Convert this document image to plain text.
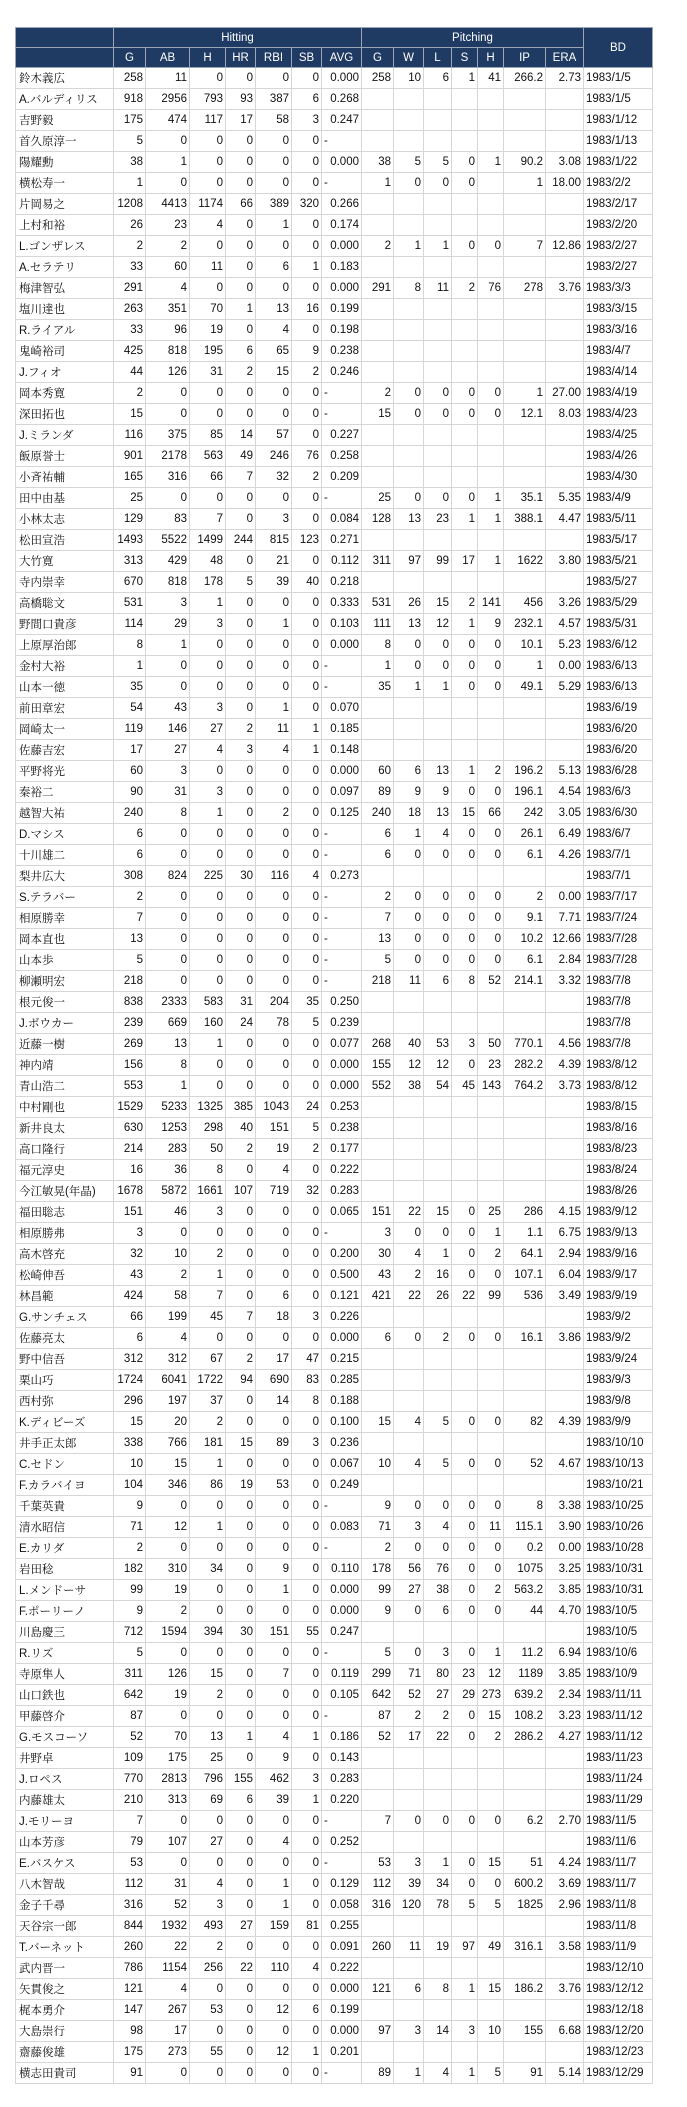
	Hitting							Pitching							BD
	G	AB	H	HR	RBI	SB	AVG	G	W	L	S	H	IP	ERA	
鈴木義広	258	11	0	0	0	0	0.000	258	10	6	1	41	266.2	2.73	1983/1/5
A.バルディリス	918	2956	793	93	387	6	0.268								1983/1/5
吉野毅	175	474	117	17	58	3	0.247								1983/1/12
首久原淳一	5	0	0	0	0	0	-								1983/1/13
陽耀勳	38	1	0	0	0	0	0.000	38	5	5	0	1	90.2	3.08	1983/1/22
横松寿一	1	0	0	0	0	0	-	1	0	0	0		1	18.00	1983/2/2
片岡易之	1208	4413	1174	66	389	320	0.266								1983/2/17
上村和裕	26	23	4	0	1	0	0.174								1983/2/20
L.ゴンザレス	2	2	0	0	0	0	0.000	2	1	1	0	0	7	12.86	1983/2/27
A.セラテリ	33	60	11	0	6	1	0.183								1983/2/27
梅津智弘	291	4	0	0	0	0	0.000	291	8	11	2	76	278	3.76	1983/3/3
塩川達也	263	351	70	1	13	16	0.199								1983/3/15
R.ライアル	33	96	19	0	4	0	0.198								1983/3/16
鬼崎裕司	425	818	195	6	65	9	0.238								1983/4/7
J.フィオ	44	126	31	2	15	2	0.246								1983/4/14
岡本秀寛	2	0	0	0	0	0	-	2	0	0	0	0	1	27.00	1983/4/19
深田拓也	15	0	0	0	0	0	-	15	0	0	0	0	12.1	8.03	1983/4/23
J.ミランダ	116	375	85	14	57	0	0.227								1983/4/25
飯原誉士	901	2178	563	49	246	76	0.258								1983/4/26
小斉祐輔	165	316	66	7	32	2	0.209								1983/4/30
田中由基	25	0	0	0	0	0	-	25	0	0	0	1	35.1	5.35	1983/4/9
小林太志	129	83	7	0	3	0	0.084	128	13	23	1	1	388.1	4.47	1983/5/11
松田宣浩	1493	5522	1499	244	815	123	0.271								1983/5/17
大竹寛	313	429	48	0	21	0	0.112	311	97	99	17	1	1622	3.80	1983/5/21
寺内崇幸	670	818	178	5	39	40	0.218								1983/5/27
高橋聡文	531	3	1	0	0	0	0.333	531	26	15	2	141	456	3.26	1983/5/29
野間口貴彦	114	29	3	0	1	0	0.103	111	13	12	1	9	232.1	4.57	1983/5/31
上原厚治郎	8	1	0	0	0	0	0.000	8	0	0	0	0	10.1	5.23	1983/6/12
金村大裕	1	0	0	0	0	0	-	1	0	0	0	0	1	0.00	1983/6/13
山本一徳	35	0	0	0	0	0	-	35	1	1	0	0	49.1	5.29	1983/6/13
前田章宏	54	43	3	0	1	0	0.070								1983/6/19
岡崎太一	119	146	27	2	11	1	0.185								1983/6/20
佐藤吉宏	17	27	4	3	4	1	0.148								1983/6/20
平野将光	60	3	0	0	0	0	0.000	60	6	13	1	2	196.2	5.13	1983/6/28
秦裕二	90	31	3	0	0	0	0.097	89	9	9	0	0	196.1	4.54	1983/6/3
越智大祐	240	8	1	0	2	0	0.125	240	18	13	15	66	242	3.05	1983/6/30
D.マシス	6	0	0	0	0	0	-	6	1	4	0	0	26.1	6.49	1983/6/7
十川雄二	6	0	0	0	0	0	-	6	0	0	0	0	6.1	4.26	1983/7/1
梨井広大	308	824	225	30	116	4	0.273								1983/7/1
S.テラバー	2	0	0	0	0	0	-	2	0	0	0	0	2	0.00	1983/7/17
相原勝幸	7	0	0	0	0	0	-	7	0	0	0	0	9.1	7.71	1983/7/24
岡本直也	13	0	0	0	0	0	-	13	0	0	0	0	10.2	12.66	1983/7/28
山本歩	5	0	0	0	0	0	-	5	0	0	0	0	6.1	2.84	1983/7/28
柳瀬明宏	218	0	0	0	0	0	-	218	11	6	8	52	214.1	3.32	1983/7/8
根元俊一	838	2333	583	31	204	35	0.250								1983/7/8
J.ボウカー	239	669	160	24	78	5	0.239								1983/7/8
近藤一樹	269	13	1	0	0	0	0.077	268	40	53	3	50	770.1	4.56	1983/7/8
神内靖	156	8	0	0	0	0	0.000	155	12	12	0	23	282.2	4.39	1983/8/12
青山浩二	553	1	0	0	0	0	0.000	552	38	54	45	143	764.2	3.73	1983/8/12
中村剛也	1529	5233	1325	385	1043	24	0.253								1983/8/15
新井良太	630	1253	298	40	151	5	0.238								1983/8/16
高口隆行	214	283	50	2	19	2	0.177								1983/8/23
福元淳史	16	36	8	0	4	0	0.222								1983/8/24
今江敏晃(年晶)	1678	5872	1661	107	719	32	0.283								1983/8/26
福田聡志	151	46	3	0	0	0	0.065	151	22	15	0	25	286	4.15	1983/9/12
相原勝弗	3	0	0	0	0	0	-	3	0	0	0	1	1.1	6.75	1983/9/13
高木啓充	32	10	2	0	0	0	0.200	30	4	1	0	2	64.1	2.94	1983/9/16
松崎伸吾	43	2	1	0	0	0	0.500	43	2	16	0	0	107.1	6.04	1983/9/17
林昌範	424	58	7	0	6	0	0.121	421	22	26	22	99	536	3.49	1983/9/19
G.サンチェス	66	199	45	7	18	3	0.226								1983/9/2
佐藤亮太	6	4	0	0	0	0	0.000	6	0	2	0	0	16.1	3.86	1983/9/2
野中信吾	312	312	67	2	17	47	0.215								1983/9/24
栗山巧	1724	6041	1722	94	690	83	0.285								1983/9/3
西村弥	296	197	37	0	14	8	0.188								1983/9/8
K.ディビーズ	15	20	2	0	0	0	0.100	15	4	5	0	0	82	4.39	1983/9/9
井手正太郎	338	766	181	15	89	3	0.236								1983/10/10
C.セドン	10	15	1	0	0	0	0.067	10	4	5	0	0	52	4.67	1983/10/13
F.カラバイヨ	104	346	86	19	53	0	0.249								1983/10/21
千葉英貴	9	0	0	0	0	0	-	9	0	0	0	0	8	3.38	1983/10/25
清水昭信	71	12	1	0	0	0	0.083	71	3	4	0	11	115.1	3.90	1983/10/26
E.カリダ	2	0	0	0	0	0	-	2	0	0	0	0	0.2	0.00	1983/10/28
岩田稔	182	310	34	0	9	0	0.110	178	56	76	0	0	1075	3.25	1983/10/31
L.メンドーサ	99	19	0	0	1	0	0.000	99	27	38	0	2	563.2	3.85	1983/10/31
F.ポーリーノ	9	2	0	0	0	0	0.000	9	0	6	0	0	44	4.70	1983/10/5
川島慶三	712	1594	394	30	151	55	0.247								1983/10/5
R.リズ	5	0	0	0	0	0	-	5	0	3	0	1	11.2	6.94	1983/10/6
寺原隼人	311	126	15	0	7	0	0.119	299	71	80	23	12	1189	3.85	1983/10/9
山口鉄也	642	19	2	0	0	0	0.105	642	52	27	29	273	639.2	2.34	1983/11/11
甲藤啓介	87	0	0	0	0	0	-	87	2	2	0	15	108.2	3.23	1983/11/12
G.モスコーソ	52	70	13	1	4	1	0.186	52	17	22	0	2	286.2	4.27	1983/11/12
井野卓	109	175	25	0	9	0	0.143								1983/11/23
J.ロペス	770	2813	796	155	462	3	0.283								1983/11/24
内藤雄太	210	313	69	6	39	1	0.220								1983/11/29
J.モリーヨ	7	0	0	0	0	0	-	7	0	0	0	0	6.2	2.70	1983/11/5
山本芳彦	79	107	27	0	4	0	0.252								1983/11/6
E.バスケス	53	0	0	0	0	0	-	53	3	1	0	15	51	4.24	1983/11/7
八木智哉	112	31	4	0	1	0	0.129	112	39	34	0	0	600.2	3.69	1983/11/7
金子千尋	316	52	3	0	1	0	0.058	316	120	78	5	5	1825	2.96	1983/11/8
天谷宗一郎	844	1932	493	27	159	81	0.255								1983/11/8
T.バーネット	260	22	2	0	0	0	0.091	260	11	19	97	49	316.1	3.58	1983/11/9
武内晋一	786	1154	256	22	110	4	0.222								1983/12/10
矢貫俊之	121	4	0	0	0	0	0.000	121	6	8	1	15	186.2	3.76	1983/12/12
梶本勇介	147	267	53	0	12	6	0.199								1983/12/18
大島崇行	98	17	0	0	0	0	0.000	97	3	14	3	10	155	6.68	1983/12/20
齋藤俊雄	175	273	55	0	12	1	0.201								1983/12/23
横志田貴司	91	0	0	0	0	0	-	89	1	4	1	5	91	5.14	1983/12/29
